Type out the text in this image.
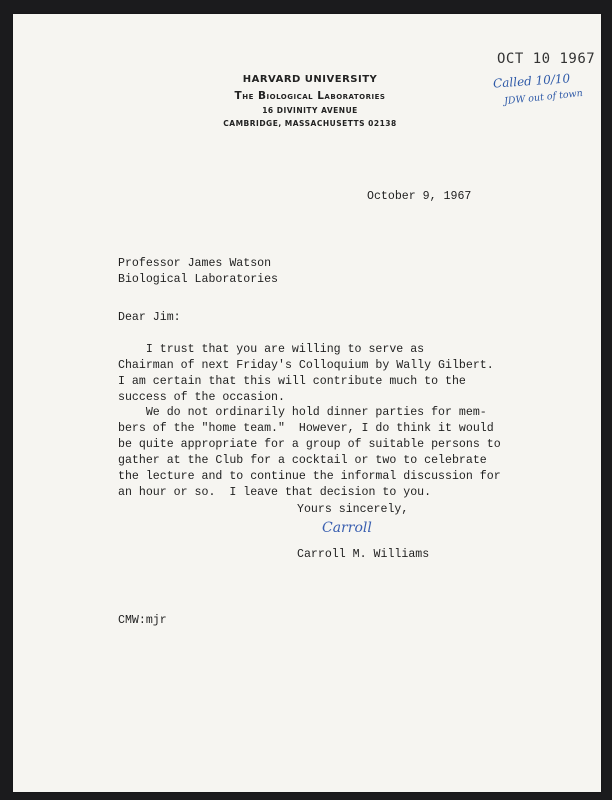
HARVARD UNIVERSITY
The Biological Laboratories
16 DIVINITY AVENUE
CAMBRIDGE, MASSACHUSETTS 02138
OCT 10 1967
Called 10/10
JDW out of town
October 9, 1967
Professor James Watson
Biological Laboratories
Dear Jim:
I trust that you are willing to serve as
Chairman of next Friday's Colloquium by Wally Gilbert.
I am certain that this will contribute much to the
success of the occasion.
We do not ordinarily hold dinner parties for mem-
bers of the "home team."  However, I do think it would
be quite appropriate for a group of suitable persons to
gather at the Club for a cocktail or two to celebrate
the lecture and to continue the informal discussion for
an hour or so.  I leave that decision to you.
Yours sincerely,
Carroll
Carroll M. Williams
CMW:mjr
